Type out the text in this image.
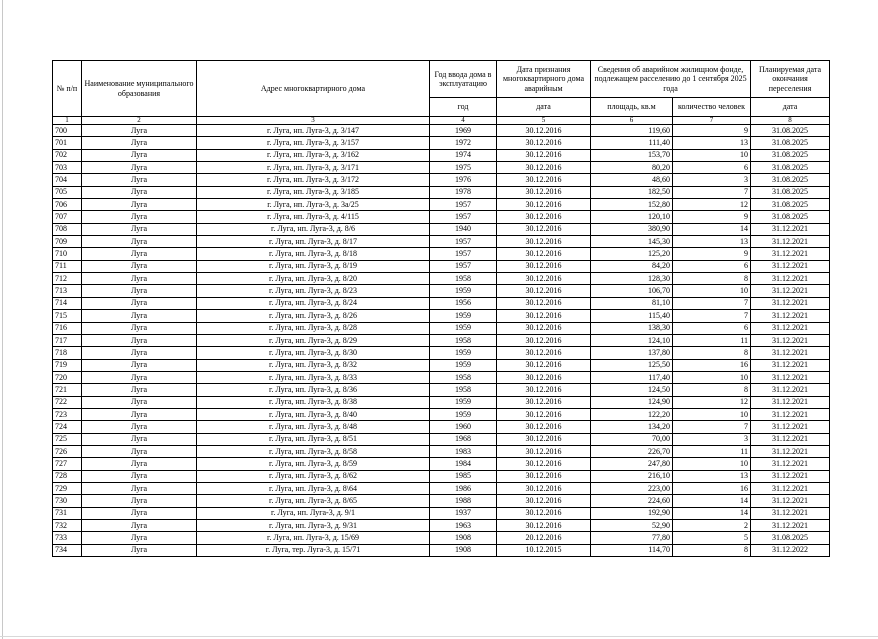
№ п/п	Наименование муниципального образования	Адрес многоквартирного дома	Год ввода дома в эксплуатацию	Дата признания многоквартирного дома аварийным	Сведения об аварийном жилищном фонде, подлежащем расселению до 1 сентября 2025 года		Планируемая дата окончания переселения
			год	дата	площадь, кв.м	количество человек	дата
1	2	3	4	5	6	7	8
700	Луга	г. Луга, нп. Луга-3, д. 3/147	1969	30.12.2016	119,60	9	31.08.2025
701	Луга	г. Луга, нп. Луга-3, д. 3/157	1972	30.12.2016	111,40	13	31.08.2025
702	Луга	г. Луга, нп. Луга-3, д. 3/162	1974	30.12.2016	153,70	10	31.08.2025
703	Луга	г. Луга, нп. Луга-3, д. 3/171	1975	30.12.2016	80,20	6	31.08.2025
704	Луга	г. Луга, нп. Луга-3, д. 3/172	1976	30.12.2016	48,60	3	31.08.2025
705	Луга	г. Луга, нп. Луга-3, д. 3/185	1978	30.12.2016	182,50	7	31.08.2025
706	Луга	г. Луга, нп. Луга-3, д. 3а/25	1957	30.12.2016	152,80	12	31.08.2025
707	Луга	г. Луга, нп. Луга-3, д. 4/115	1957	30.12.2016	120,10	9	31.08.2025
708	Луга	г. Луга, нп. Луга-3, д. 8/6	1940	30.12.2016	380,90	14	31.12.2021
709	Луга	г. Луга, нп. Луга-3, д. 8/17	1957	30.12.2016	145,30	13	31.12.2021
710	Луга	г. Луга, нп. Луга-3, д. 8/18	1957	30.12.2016	125,20	9	31.12.2021
711	Луга	г. Луга, нп. Луга-3, д. 8/19	1957	30.12.2016	84,20	6	31.12.2021
712	Луга	г. Луга, нп. Луга-3, д. 8/20	1958	30.12.2016	128,30	8	31.12.2021
713	Луга	г. Луга, нп. Луга-3, д. 8/23	1959	30.12.2016	106,70	10	31.12.2021
714	Луга	г. Луга, нп. Луга-3, д. 8/24	1956	30.12.2016	81,10	7	31.12.2021
715	Луга	г. Луга, нп. Луга-3, д. 8/26	1959	30.12.2016	115,40	7	31.12.2021
716	Луга	г. Луга, нп. Луга-3, д. 8/28	1959	30.12.2016	138,30	6	31.12.2021
717	Луга	г. Луга, нп. Луга-3, д. 8/29	1958	30.12.2016	124,10	11	31.12.2021
718	Луга	г. Луга, нп. Луга-3, д. 8/30	1959	30.12.2016	137,80	8	31.12.2021
719	Луга	г. Луга, нп. Луга-3, д. 8/32	1959	30.12.2016	125,50	16	31.12.2021
720	Луга	г. Луга, нп. Луга-3, д. 8/33	1958	30.12.2016	117,40	10	31.12.2021
721	Луга	г. Луга, нп. Луга-3, д. 8/36	1958	30.12.2016	124,50	8	31.12.2021
722	Луга	г. Луга, нп. Луга-3, д. 8/38	1959	30.12.2016	124,90	12	31.12.2021
723	Луга	г. Луга, нп. Луга-3, д. 8/40	1959	30.12.2016	122,20	10	31.12.2021
724	Луга	г. Луга, нп. Луга-3, д. 8/48	1960	30.12.2016	134,20	7	31.12.2021
725	Луга	г. Луга, нп. Луга-3, д. 8/51	1968	30.12.2016	70,00	3	31.12.2021
726	Луга	г. Луга, нп. Луга-3, д. 8/58	1983	30.12.2016	226,70	11	31.12.2021
727	Луга	г. Луга, нп. Луга-3, д. 8/59	1984	30.12.2016	247,80	10	31.12.2021
728	Луга	г. Луга, нп. Луга-3, д. 8/62	1985	30.12.2016	216,10	13	31.12.2021
729	Луга	г. Луга, нп. Луга-3, д. 8\64	1986	30.12.2016	223,00	16	31.12.2021
730	Луга	г. Луга, нп. Луга-3, д. 8/65	1988	30.12.2016	224,60	14	31.12.2021
731	Луга	г. Луга, нп. Луга-3, д. 9/1	1937	30.12.2016	192,90	14	31.12.2021
732	Луга	г. Луга, нп. Луга-3, д. 9/31	1963	30.12.2016	52,90	2	31.12.2021
733	Луга	г. Луга, нп. Луга-3, д. 15/69	1908	20.12.2016	77,80	5	31.08.2025
734	Луга	г. Луга, тер. Луга-3, д. 15/71	1908	10.12.2015	114,70	8	31.12.2022
